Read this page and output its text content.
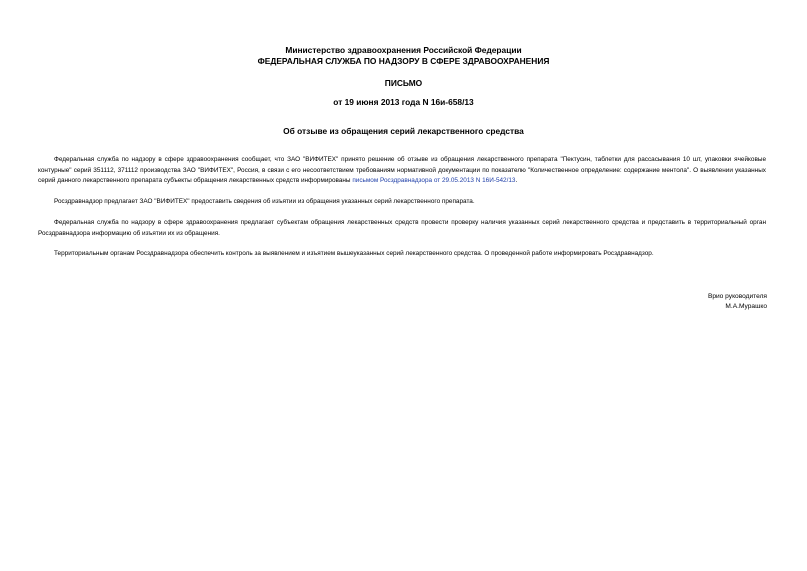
Министерство здравоохранения Российской Федерации
ФЕДЕРАЛЬНАЯ СЛУЖБА ПО НАДЗОРУ В СФЕРЕ ЗДРАВООХРАНЕНИЯ
ПИСЬМО
от 19 июня 2013 года N 16и-658/13
Об отзыве из обращения серий лекарственного средства

Федеральная служба по надзору в сфере здравоохранения сообщает, что ЗАО "ВИФИТЕХ" принято решение об отзыве из обращения лекарственного препарата "Пектусин, таблетки для рассасывания 10 шт, упаковки ячейковые контурные" серий 351112, 371112 производства ЗАО "ВИФИТЕХ", Россия, в связи с его несоответствием требованиям нормативной документации по показателю "Количественное определение: содержание ментола". О выявлении указанных серий данного лекарственного препарата субъекты обращения лекарственных средств информированы письмом Росздравнадзора от 29.05.2013 N 16И-542/13.

Росздравнадзор предлагает ЗАО "ВИФИТЕХ" предоставить сведения об изъятии из обращения указанных серий лекарственного препарата.

Федеральная служба по надзору в сфере здравоохранения предлагает субъектам обращения лекарственных средств провести проверку наличия указанных серий лекарственного средства и представить в территориальный орган Росздравнадзора информацию об изъятии их из обращения.

Территориальным органам Росздравнадзора обеспечить контроль за выявлением и изъятием вышеуказанных серий лекарственного средства. О проведенной работе информировать Росздравнадзор.

Врио руководителя
М.А.Мурашко
